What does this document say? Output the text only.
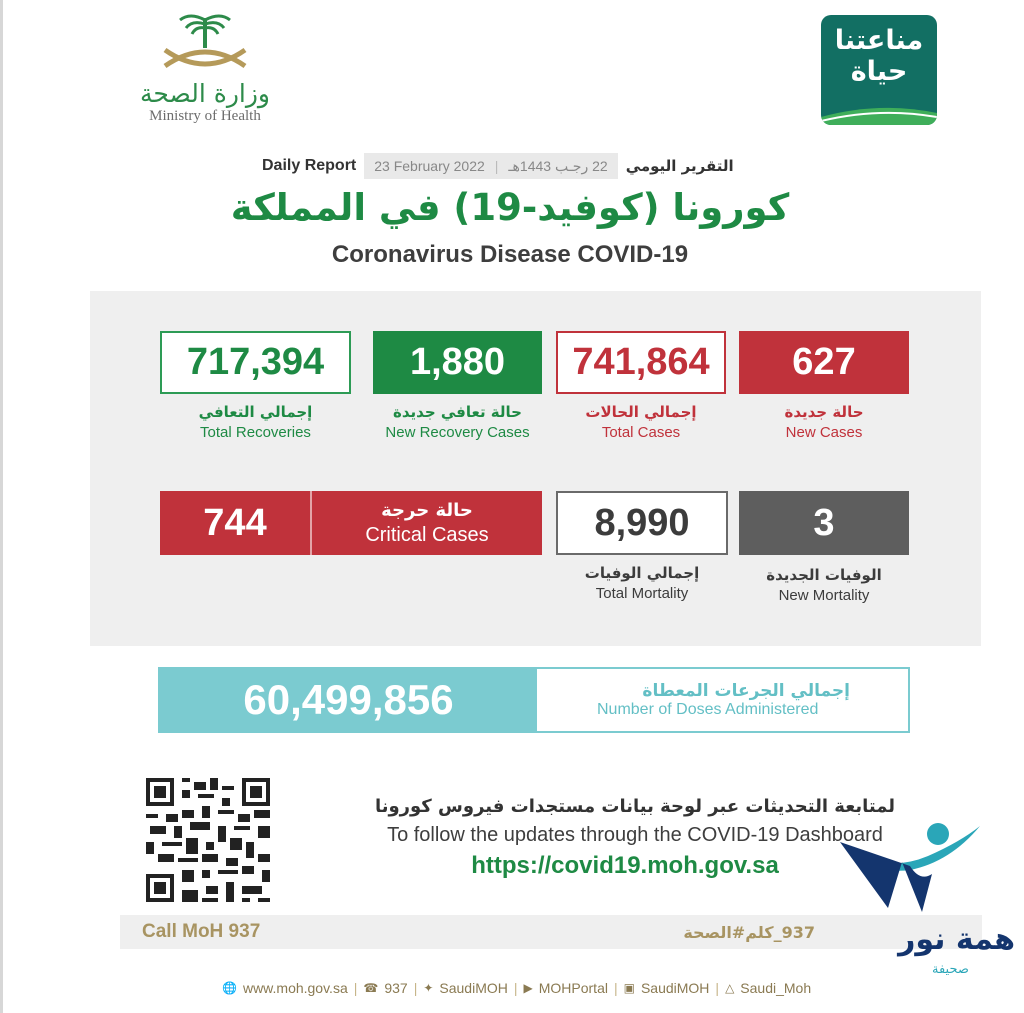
وزارة الصحة
Ministry of Health
مناعتنا
حياة
Daily Report 23 February 2022 | 22 رجـب 1443هـ التقرير اليومي
كورونا (كوفيد-19) في المملكة
Coronavirus Disease COVID-19
717,394
إجمالي التعافي
Total Recoveries
1,880
حالة تعافي جديدة
New Recovery Cases
741,864
إجمالي الحالات
Total Cases
627
حالة جديدة
New Cases
744	حالة حرجة
Critical Cases	8,990
إجمالي الوفيات
Total Mortality
3
الوفيات الجديدة
New Mortality
60,499,856	إجمالي الجرعات المعطاة
Number of Doses Administered
لمتابعة التحديثات عبر لوحة بيانات مستجدات فيروس كورونا
To follow the updates through the COVID-19 Dashboard
https://covid19.moh.gov.sa
Call MoH 937	937_كلم#الصحة
🌐 www.moh.gov.sa | ☎ 937 | ✦ SaudiMOH | ▶ MOHPortal | ▣ SaudiMOH | △ Saudi_Moh
همة نور
صحيفة
